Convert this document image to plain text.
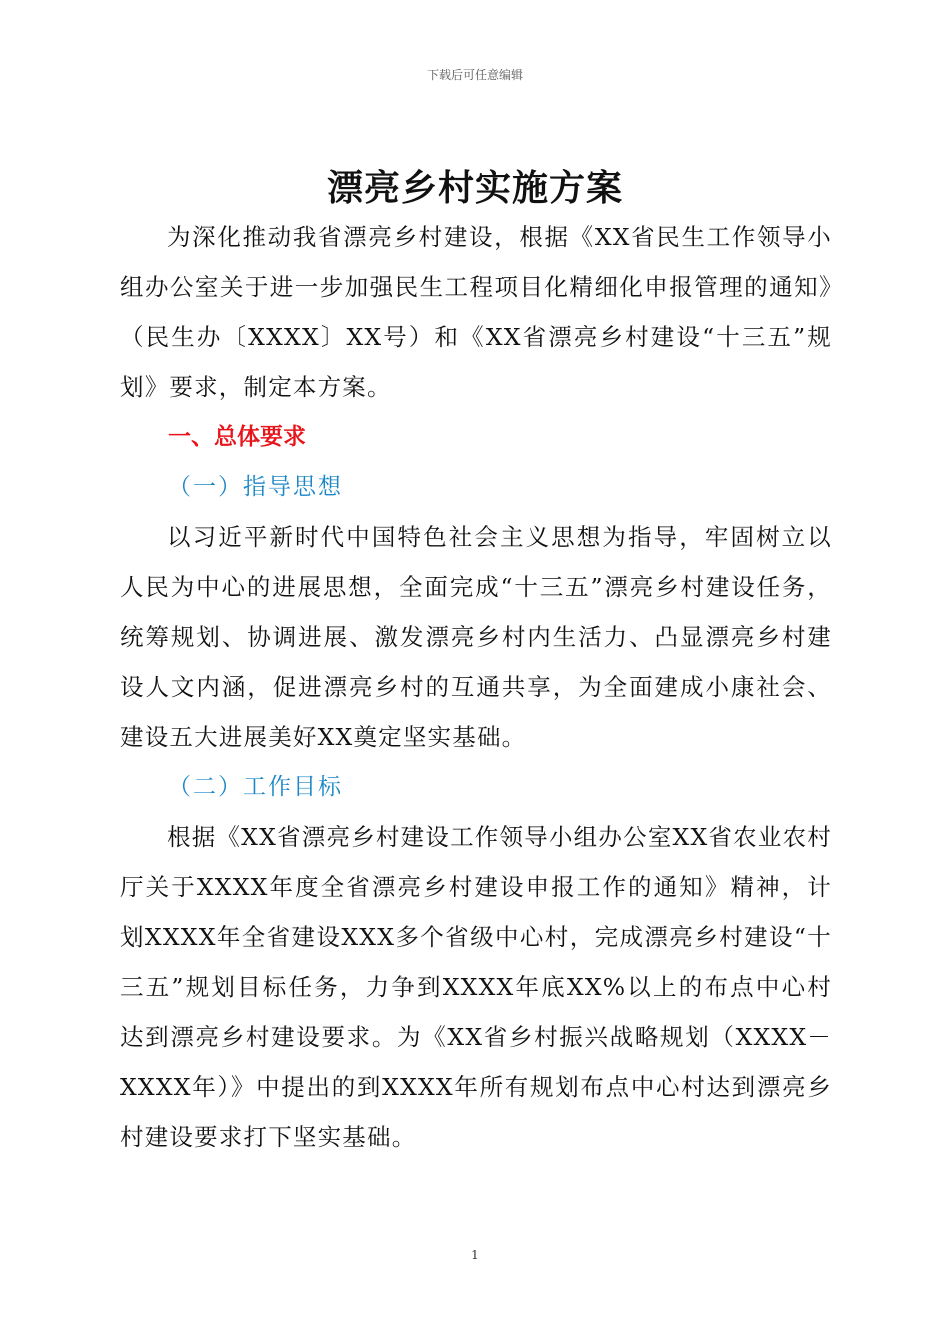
下载后可任意编辑
漂亮乡村实施方案

为深化推动我省漂亮乡村建设，根据《XX省民生工作领导小组办公室关于进一步加强民生工程项目化精细化申报管理的通知》（民生办〔XXXX〕XX号）和《XX省漂亮乡村建设“十三五”规划》要求，制定本方案。

一、总体要求

（一）指导思想

以习近平新时代中国特色社会主义思想为指导，牢固树立以人民为中心的进展思想，全面完成“十三五”漂亮乡村建设任务，统筹规划、协调进展、激发漂亮乡村内生活力、凸显漂亮乡村建设人文内涵，促进漂亮乡村的互通共享，为全面建成小康社会、建设五大进展美好XX奠定坚实基础。

（二）工作目标

根据《XX省漂亮乡村建设工作领导小组办公室XX省农业农村厅关于XXXX年度全省漂亮乡村建设申报工作的通知》精神，计划XXXX年全省建设XXX多个省级中心村，完成漂亮乡村建设“十三五”规划目标任务，力争到XXXX年底XX%以上的布点中心村达到漂亮乡村建设要求。为《XX省乡村振兴战略规划（XXXX－XXXX年）》中提出的到XXXX年所有规划布点中心村达到漂亮乡村建设要求打下坚实基础。

1
